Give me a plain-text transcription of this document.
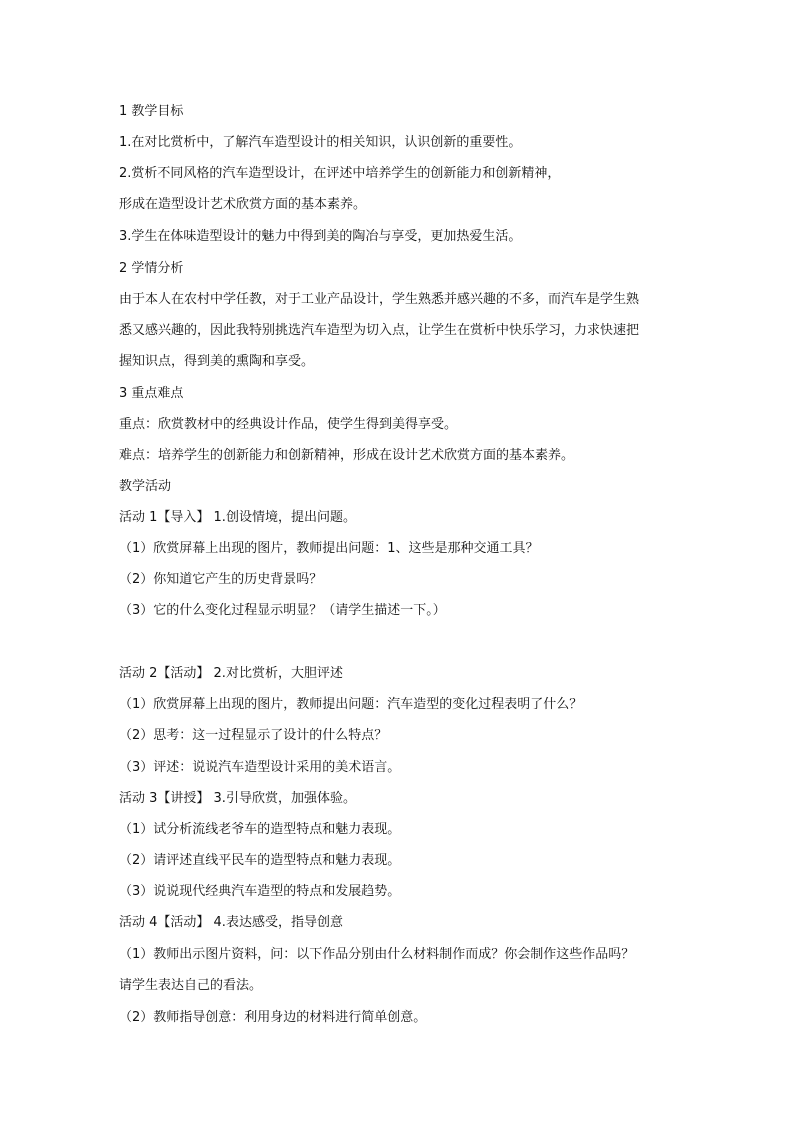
1 教学目标
1.在对比赏析中，了解汽车造型设计的相关知识，认识创新的重要性。
2.赏析不同风格的汽车造型设计，在评述中培养学生的创新能力和创新精神，
形成在造型设计艺术欣赏方面的基本素养。
3.学生在体味造型设计的魅力中得到美的陶冶与享受，更加热爱生活。
2 学情分析
由于本人在农村中学任教，对于工业产品设计，学生熟悉并感兴趣的不多，而汽车是学生熟
悉又感兴趣的，因此我特别挑选汽车造型为切入点，让学生在赏析中快乐学习，力求快速把
握知识点，得到美的熏陶和享受。
3 重点难点
重点：欣赏教材中的经典设计作品，使学生得到美得享受。
难点：培养学生的创新能力和创新精神，形成在设计艺术欣赏方面的基本素养。
教学活动
活动 1【导入】 1.创设情境，提出问题。
（1）欣赏屏幕上出现的图片，教师提出问题：1、这些是那种交通工具？
（2）你知道它产生的历史背景吗？
（3）它的什么变化过程显示明显？（请学生描述一下。）
活动 2【活动】 2.对比赏析，大胆评述
（1）欣赏屏幕上出现的图片，教师提出问题：汽车造型的变化过程表明了什么？
（2）思考：这一过程显示了设计的什么特点？
（3）评述：说说汽车造型设计采用的美术语言。
活动 3【讲授】 3.引导欣赏，加强体验。
（1）试分析流线老爷车的造型特点和魅力表现。
（2）请评述直线平民车的造型特点和魅力表现。
（3）说说现代经典汽车造型的特点和发展趋势。
活动 4【活动】 4.表达感受，指导创意
（1）教师出示图片资料，问：以下作品分别由什么材料制作而成？你会制作这些作品吗？
请学生表达自己的看法。
（2）教师指导创意：利用身边的材料进行简单创意。
